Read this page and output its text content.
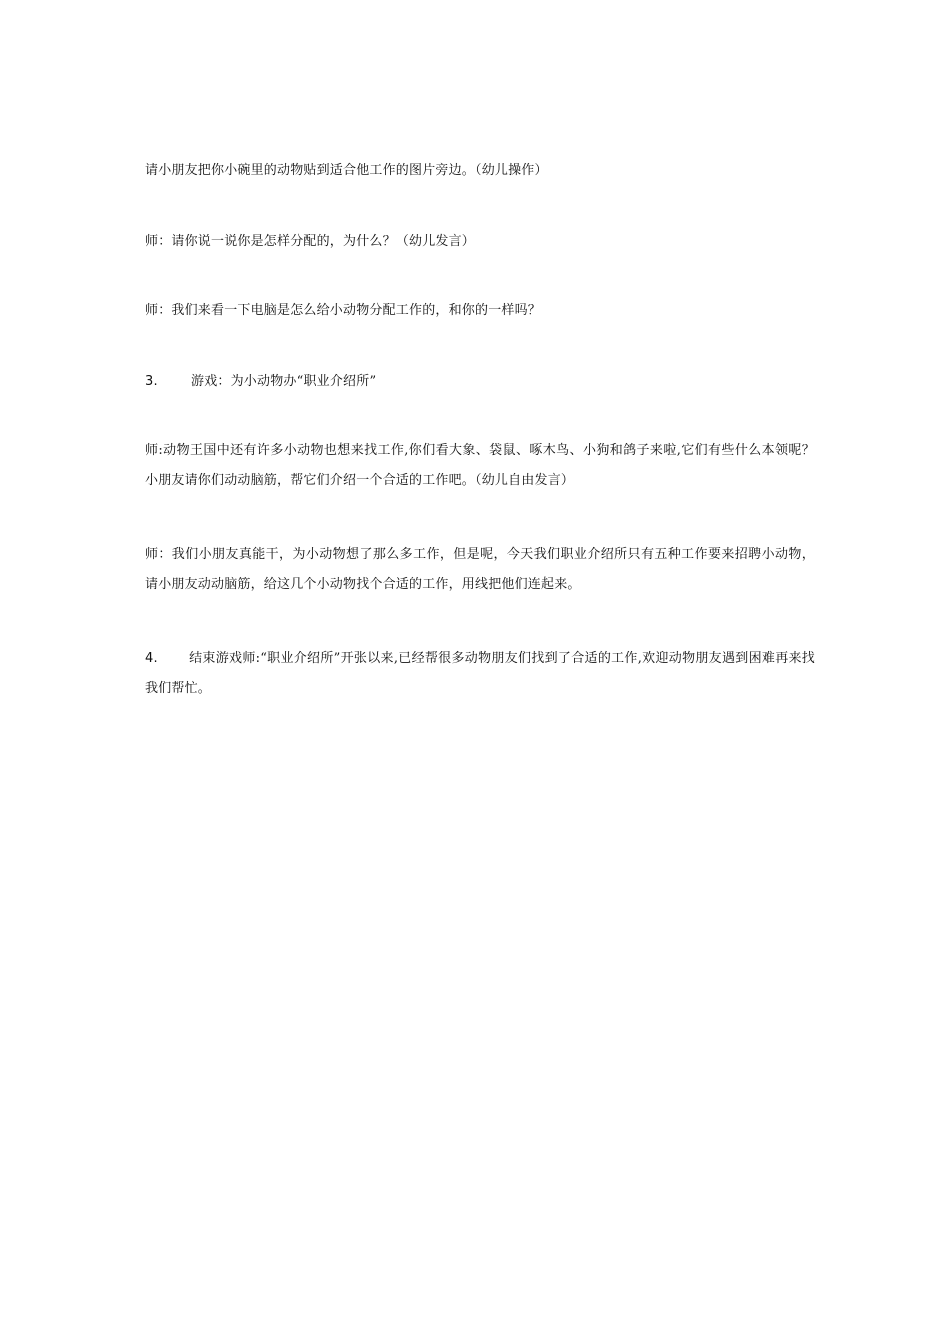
请小朋友把你小碗里的动物贴到适合他工作的图片旁边。（幼儿操作）

师：请你说一说你是怎样分配的，为什么？（幼儿发言）

师：我们来看一下电脑是怎么给小动物分配工作的，和你的一样吗？

3.	游戏：为小动物办“职业介绍所”

师:动物王国中还有许多小动物也想来找工作,你们看大象、袋鼠、啄木鸟、小狗和鸽子来啦,它们有些什么本领呢？小朋友请你们动动脑筋，帮它们介绍一个合适的工作吧。（幼儿自由发言）

师：我们小朋友真能干，为小动物想了那么多工作，但是呢，今天我们职业介绍所只有五种工作要来招聘小动物，请小朋友动动脑筋，给这几个小动物找个合适的工作，用线把他们连起来。

4. 结束游戏师:“职业介绍所”开张以来,已经帮很多动物朋友们找到了合适的工作,欢迎动物朋友遇到困难再来找我们帮忙。
